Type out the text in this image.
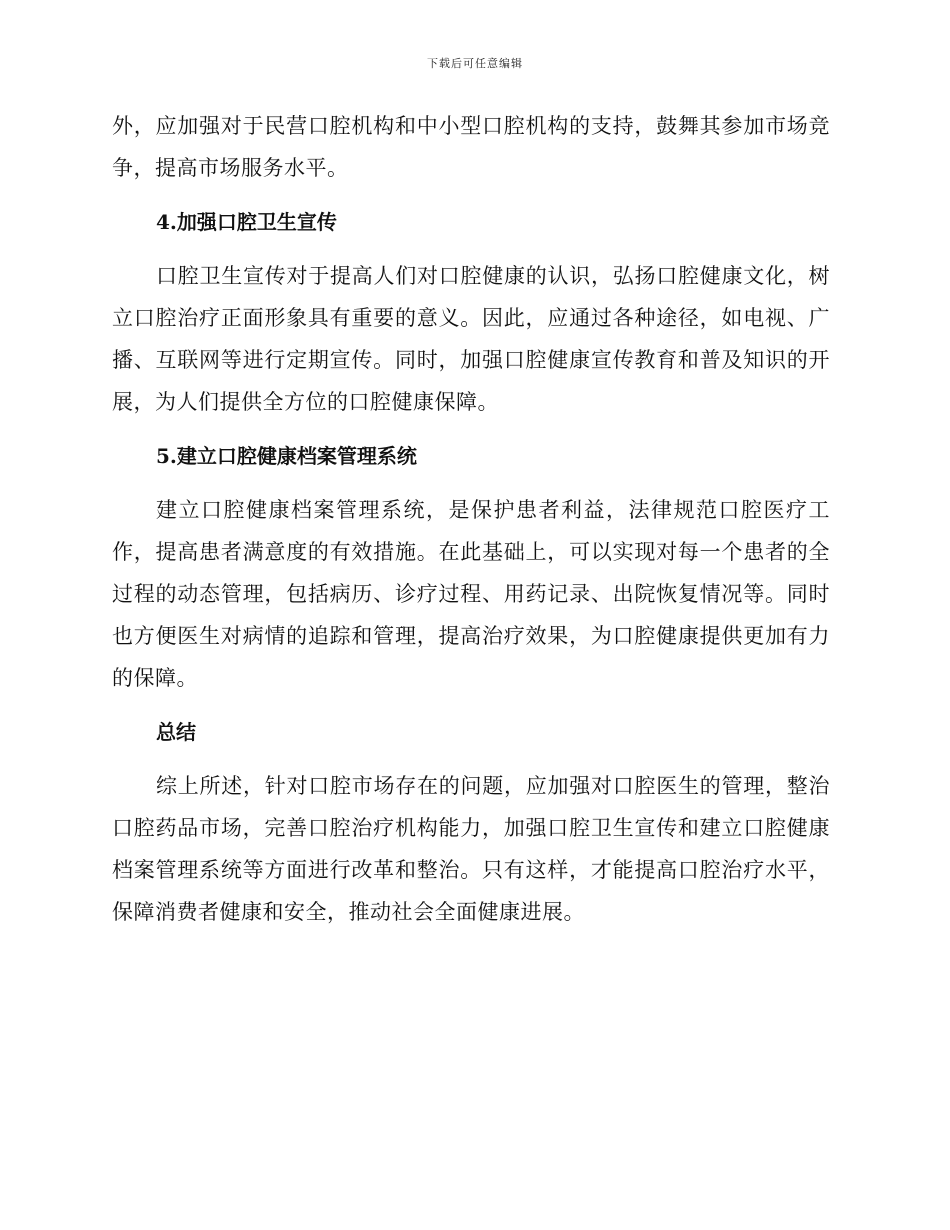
下载后可任意编辑

外，应加强对于民营口腔机构和中小型口腔机构的支持，鼓舞其参加市场竞争，提高市场服务水平。

4.加强口腔卫生宣传

口腔卫生宣传对于提高人们对口腔健康的认识，弘扬口腔健康文化，树立口腔治疗正面形象具有重要的意义。因此，应通过各种途径，如电视、广播、互联网等进行定期宣传。同时，加强口腔健康宣传教育和普及知识的开展，为人们提供全方位的口腔健康保障。

5.建立口腔健康档案管理系统

建立口腔健康档案管理系统，是保护患者利益，法律规范口腔医疗工作，提高患者满意度的有效措施。在此基础上，可以实现对每一个患者的全过程的动态管理，包括病历、诊疗过程、用药记录、出院恢复情况等。同时也方便医生对病情的追踪和管理，提高治疗效果，为口腔健康提供更加有力的保障。

总结

综上所述，针对口腔市场存在的问题，应加强对口腔医生的管理，整治口腔药品市场，完善口腔治疗机构能力，加强口腔卫生宣传和建立口腔健康档案管理系统等方面进行改革和整治。只有这样，才能提高口腔治疗水平，保障消费者健康和安全，推动社会全面健康进展。
